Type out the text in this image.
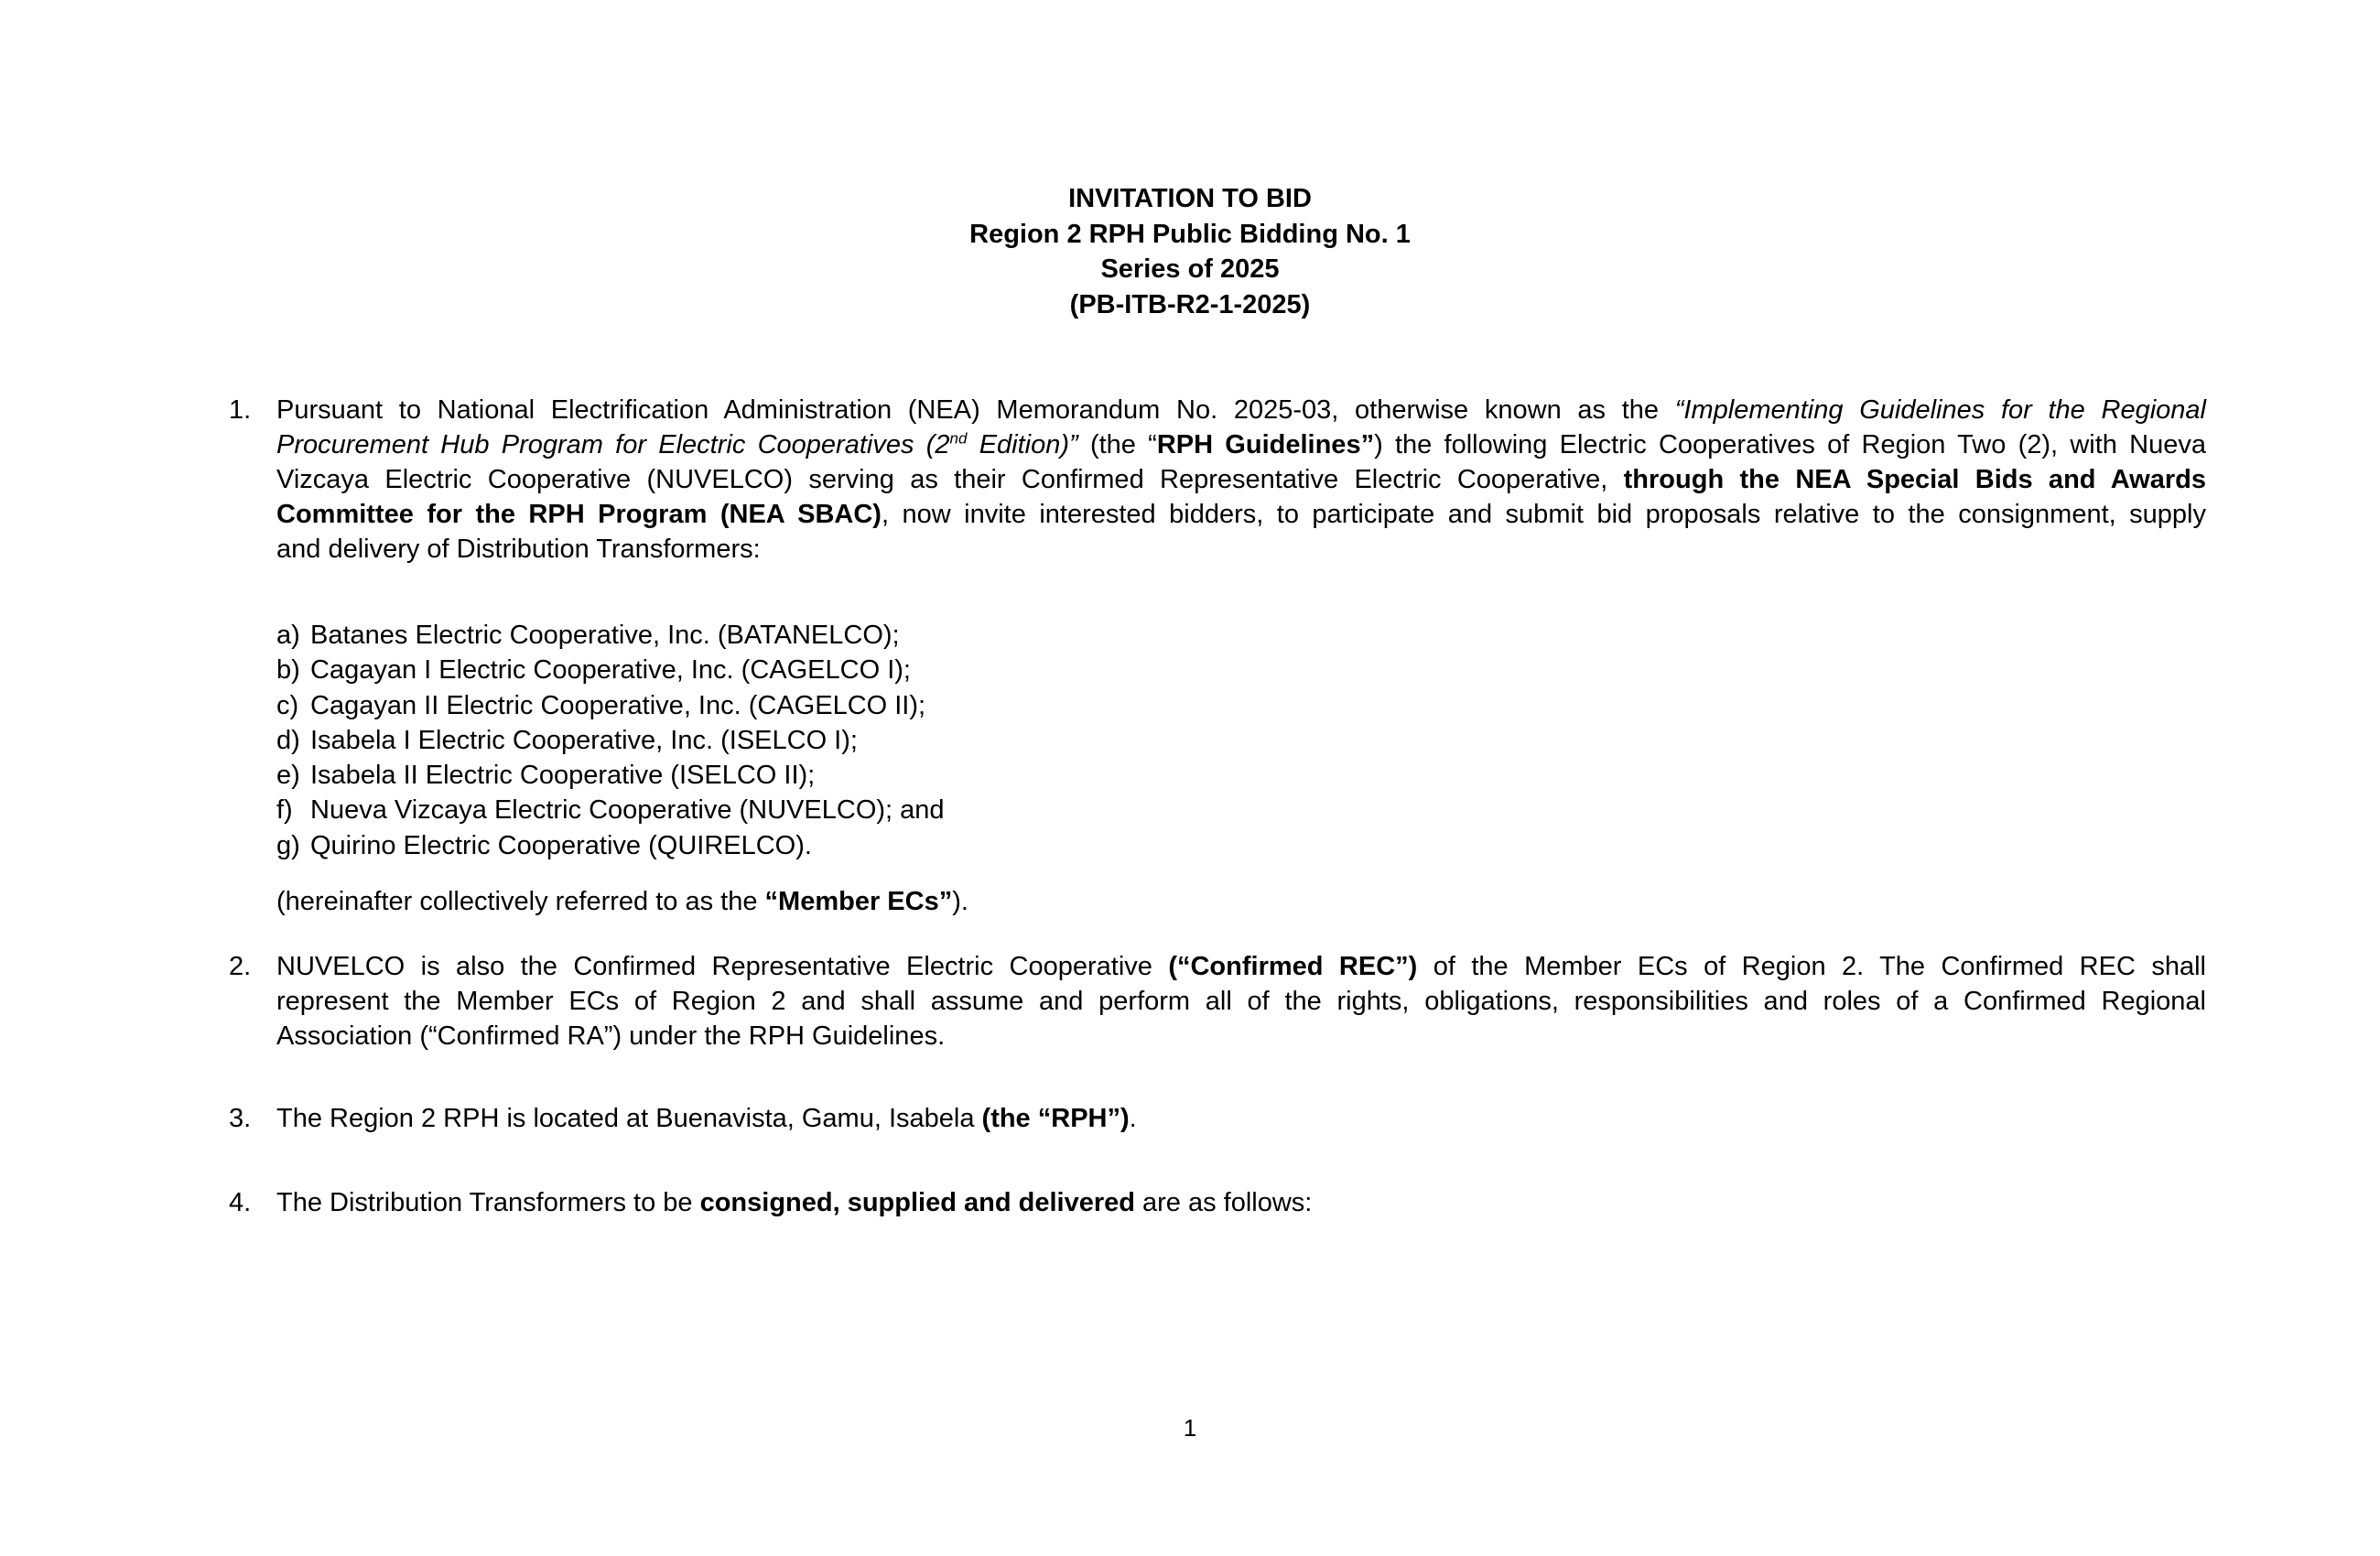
INVITATION TO BID
Region 2 RPH Public Bidding No. 1
Series of 2025
(PB-ITB-R2-1-2025)
1. Pursuant to National Electrification Administration (NEA) Memorandum No. 2025-03, otherwise known as the “Implementing Guidelines for the Regional
Procurement Hub Program for Electric Cooperatives (2nd Edition)” (the “RPH Guidelines”) the following Electric Cooperatives of Region Two (2), with Nueva
Vizcaya Electric Cooperative (NUVELCO) serving as their Confirmed Representative Electric Cooperative, through the NEA Special Bids and Awards
Committee for the RPH Program (NEA SBAC), now invite interested bidders, to participate and submit bid proposals relative to the consignment, supply
and delivery of Distribution Transformers:
a) Batanes Electric Cooperative, Inc. (BATANELCO);
b) Cagayan I Electric Cooperative, Inc. (CAGELCO I);
c) Cagayan II Electric Cooperative, Inc. (CAGELCO II);
d) Isabela I Electric Cooperative, Inc. (ISELCO I);
e) Isabela II Electric Cooperative (ISELCO II);
f) Nueva Vizcaya Electric Cooperative (NUVELCO); and
g) Quirino Electric Cooperative (QUIRELCO).
(hereinafter collectively referred to as the “Member ECs”).
2. NUVELCO is also the Confirmed Representative Electric Cooperative (“Confirmed REC”) of the Member ECs of Region 2. The Confirmed REC shall
represent the Member ECs of Region 2 and shall assume and perform all of the rights, obligations, responsibilities and roles of a Confirmed Regional
Association (“Confirmed RA”) under the RPH Guidelines.
3. The Region 2 RPH is located at Buenavista, Gamu, Isabela (the “RPH”).
4. The Distribution Transformers to be consigned, supplied and delivered are as follows:
1
